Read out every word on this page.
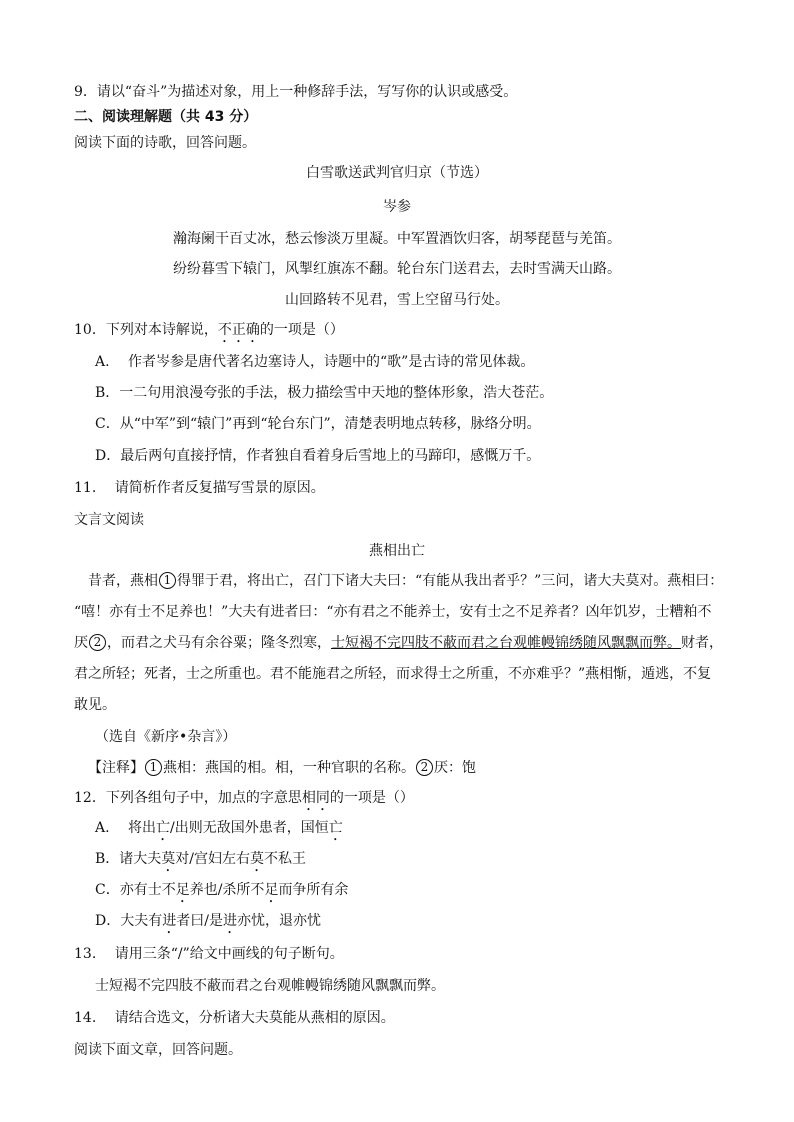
9．请以“奋斗”为描述对象，用上一种修辞手法，写写你的认识或感受。
二、阅读理解题（共 43 分）
阅读下面的诗歌，回答问题。
白雪歌送武判官归京（节选）
岑参
瀚海阑干百丈冰，愁云惨淡万里凝。中军置酒饮归客，胡琴琵琶与羌笛。
纷纷暮雪下辕门，风掣红旗冻不翻。轮台东门送君去，去时雪满天山路。
山回路转不见君，雪上空留马行处。
10．下列对本诗解说，不正确的一项是（）
A.　 作者岑参是唐代著名边塞诗人，诗题中的“歌”是古诗的常见体裁。
B．一二句用浪漫夸张的手法，极力描绘雪中天地的整体形象，浩大苍茫。
C．从“中军”到“辕门”再到“轮台东门”，清楚表明地点转移，脉络分明。
D．最后两句直接抒情，作者独自看着身后雪地上的马蹄印，感慨万千。
11.　 请简析作者反复描写雪景的原因。
文言文阅读
燕相出亡
　昔者，燕相 1 得罪于君，将出亡，召门下诸大夫曰：“有能从我出者乎？”三问，诸大夫莫对。燕相曰：
“嘻！亦有士不足养也！”大夫有进者曰：“亦有君之不能养士，安有士之不足养者？凶年饥岁，士糟粕不
厌 2 ，而君之犬马有余谷粟；隆冬烈寒，士短褐不完四肢不蔽而君之台观帷幔锦绣随风飘飘而弊。财者，
君之所轻；死者，士之所重也。君不能施君之所轻，而求得士之所重，不亦难乎？”燕相惭，遁逃，不复
敢见。
（选自《新序•杂言》）
【注释】 1 燕相：燕国的相。相，一种官职的名称。 2 厌：饱
12．下列各组句子中，加点的字意思相同的一项是（）
A.　 将出亡/出则无敌国外患者，国恒亡
B．诸大夫莫对/宫妇左右莫不私王
C．亦有士不足养也/杀所不足而争所有余
D．大夫有进者曰/是进亦忧，退亦忧
13.　 请用三条“/”给文中画线的句子断句。
士短褐不完四肢不蔽而君之台观帷幔锦绣随风飘飘而弊。
14.　 请结合选文，分析诸大夫莫能从燕相的原因。
阅读下面文章，回答问题。
